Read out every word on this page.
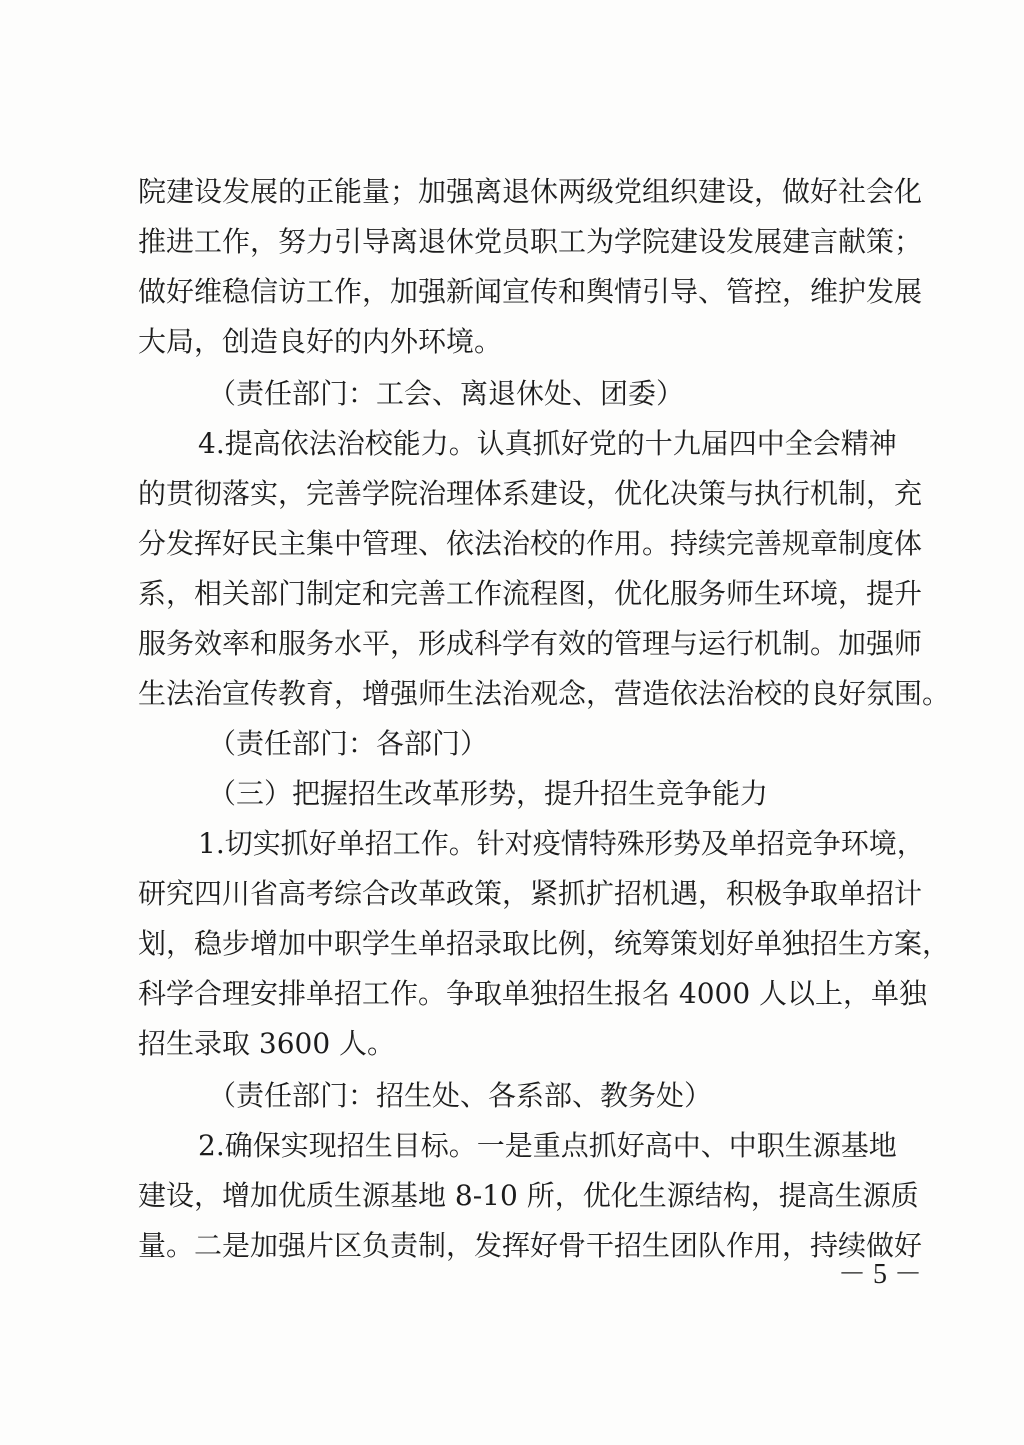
院建设发展的正能量；加强离退休两级党组织建设，做好社会化
推进工作，努力引导离退休党员职工为学院建设发展建言献策；
做好维稳信访工作，加强新闻宣传和舆情引导、管控，维护发展
大局，创造良好的内外环境。
（责任部门：工会、离退休处、团委）
4.提高依法治校能力。认真抓好党的十九届四中全会精神
的贯彻落实，完善学院治理体系建设，优化决策与执行机制，充
分发挥好民主集中管理、依法治校的作用。持续完善规章制度体
系，相关部门制定和完善工作流程图，优化服务师生环境，提升
服务效率和服务水平，形成科学有效的管理与运行机制。加强师
生法治宣传教育，增强师生法治观念，营造依法治校的良好氛围。
（责任部门：各部门）
（三）把握招生改革形势，提升招生竞争能力
1.切实抓好单招工作。针对疫情特殊形势及单招竞争环境，
研究四川省高考综合改革政策，紧抓扩招机遇，积极争取单招计
划，稳步增加中职学生单招录取比例，统筹策划好单独招生方案，
科学合理安排单招工作。争取单独招生报名 4000 人以上，单独
招生录取 3600 人。
（责任部门：招生处、各系部、教务处）
2.确保实现招生目标。一是重点抓好高中、中职生源基地
建设，增加优质生源基地 8-10 所，优化生源结构，提高生源质
量。二是加强片区负责制，发挥好骨干招生团队作用，持续做好
－ 5 －
